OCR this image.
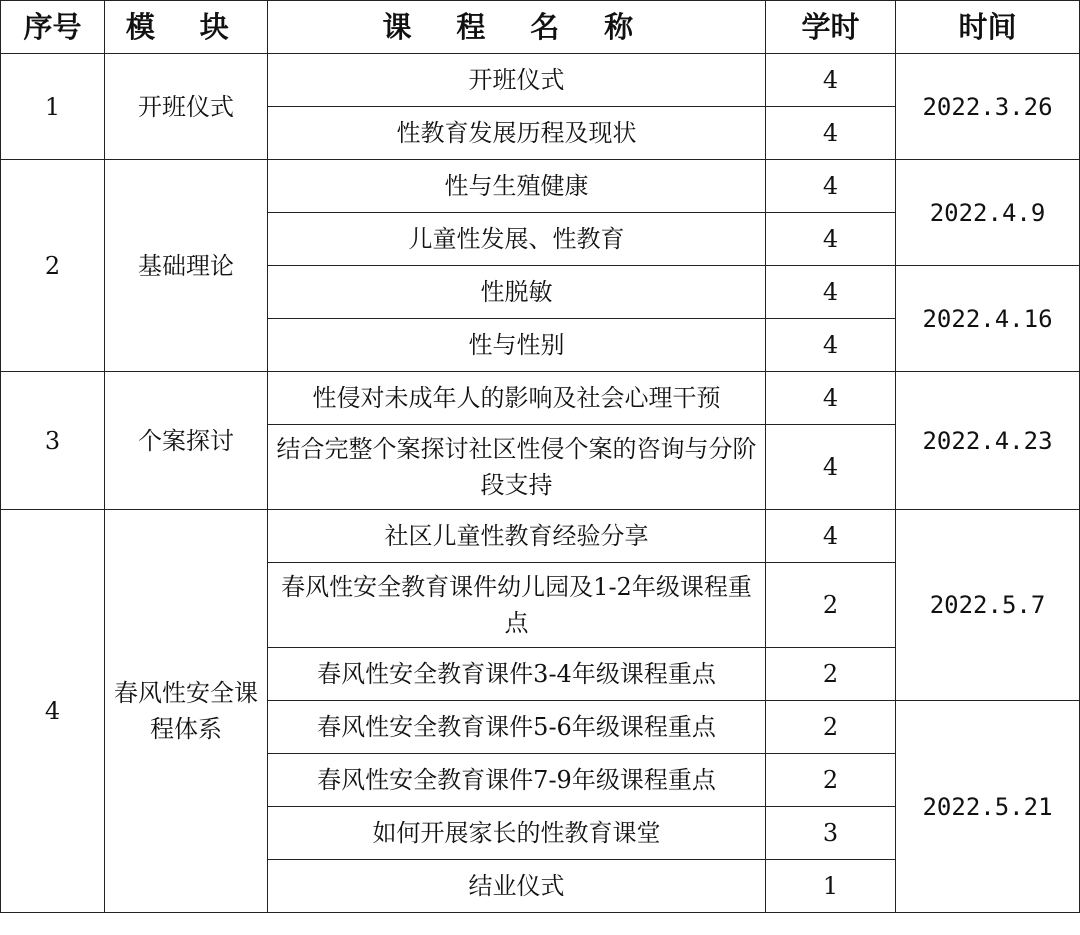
序号	模 块	课 程 名 称	学时	时间
1	开班仪式	开班仪式	4	2022.3.26
		性教育发展历程及现状	4	
2	基础理论	性与生殖健康	4	2022.4.9
		儿童性发展、性教育	4	
		性脱敏	4	2022.4.16
		性与性别	4	
3	个案探讨	性侵对未成年人的影响及社会心理干预	4	2022.4.23
		结合完整个案探讨社区性侵个案的咨询与分阶段支持	4	
4	春风性安全课程体系	社区儿童性教育经验分享	4	2022.5.7
		春风性安全教育课件幼儿园及1-2年级课程重点	2	
		春风性安全教育课件3-4年级课程重点	2	
		春风性安全教育课件5-6年级课程重点	2	2022.5.21
		春风性安全教育课件7-9年级课程重点	2	
		如何开展家长的性教育课堂	3	
		结业仪式	1	
